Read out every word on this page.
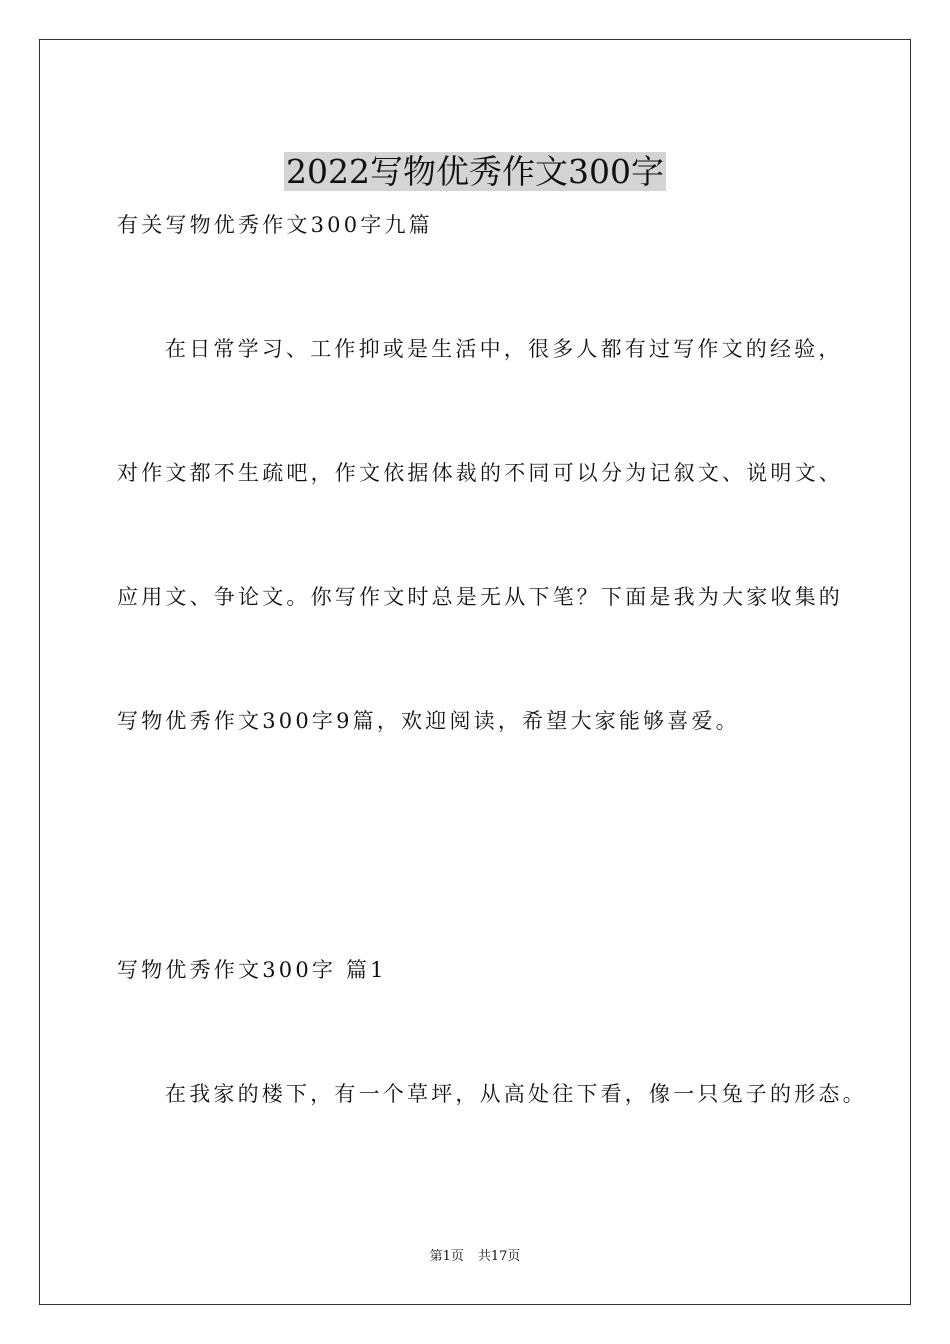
2022写物优秀作文300字
有关写物优秀作文300字九篇
在日常学习、工作抑或是生活中，很多人都有过写作文的经验，
对作文都不生疏吧，作文依据体裁的不同可以分为记叙文、说明文、
应用文、争论文。你写作文时总是无从下笔？下面是我为大家收集的
写物优秀作文300字9篇，欢迎阅读，希望大家能够喜爱。
写物优秀作文300字 篇1
在我家的楼下，有一个草坪，从高处往下看，像一只兔子的形态。
第1页 共17页
